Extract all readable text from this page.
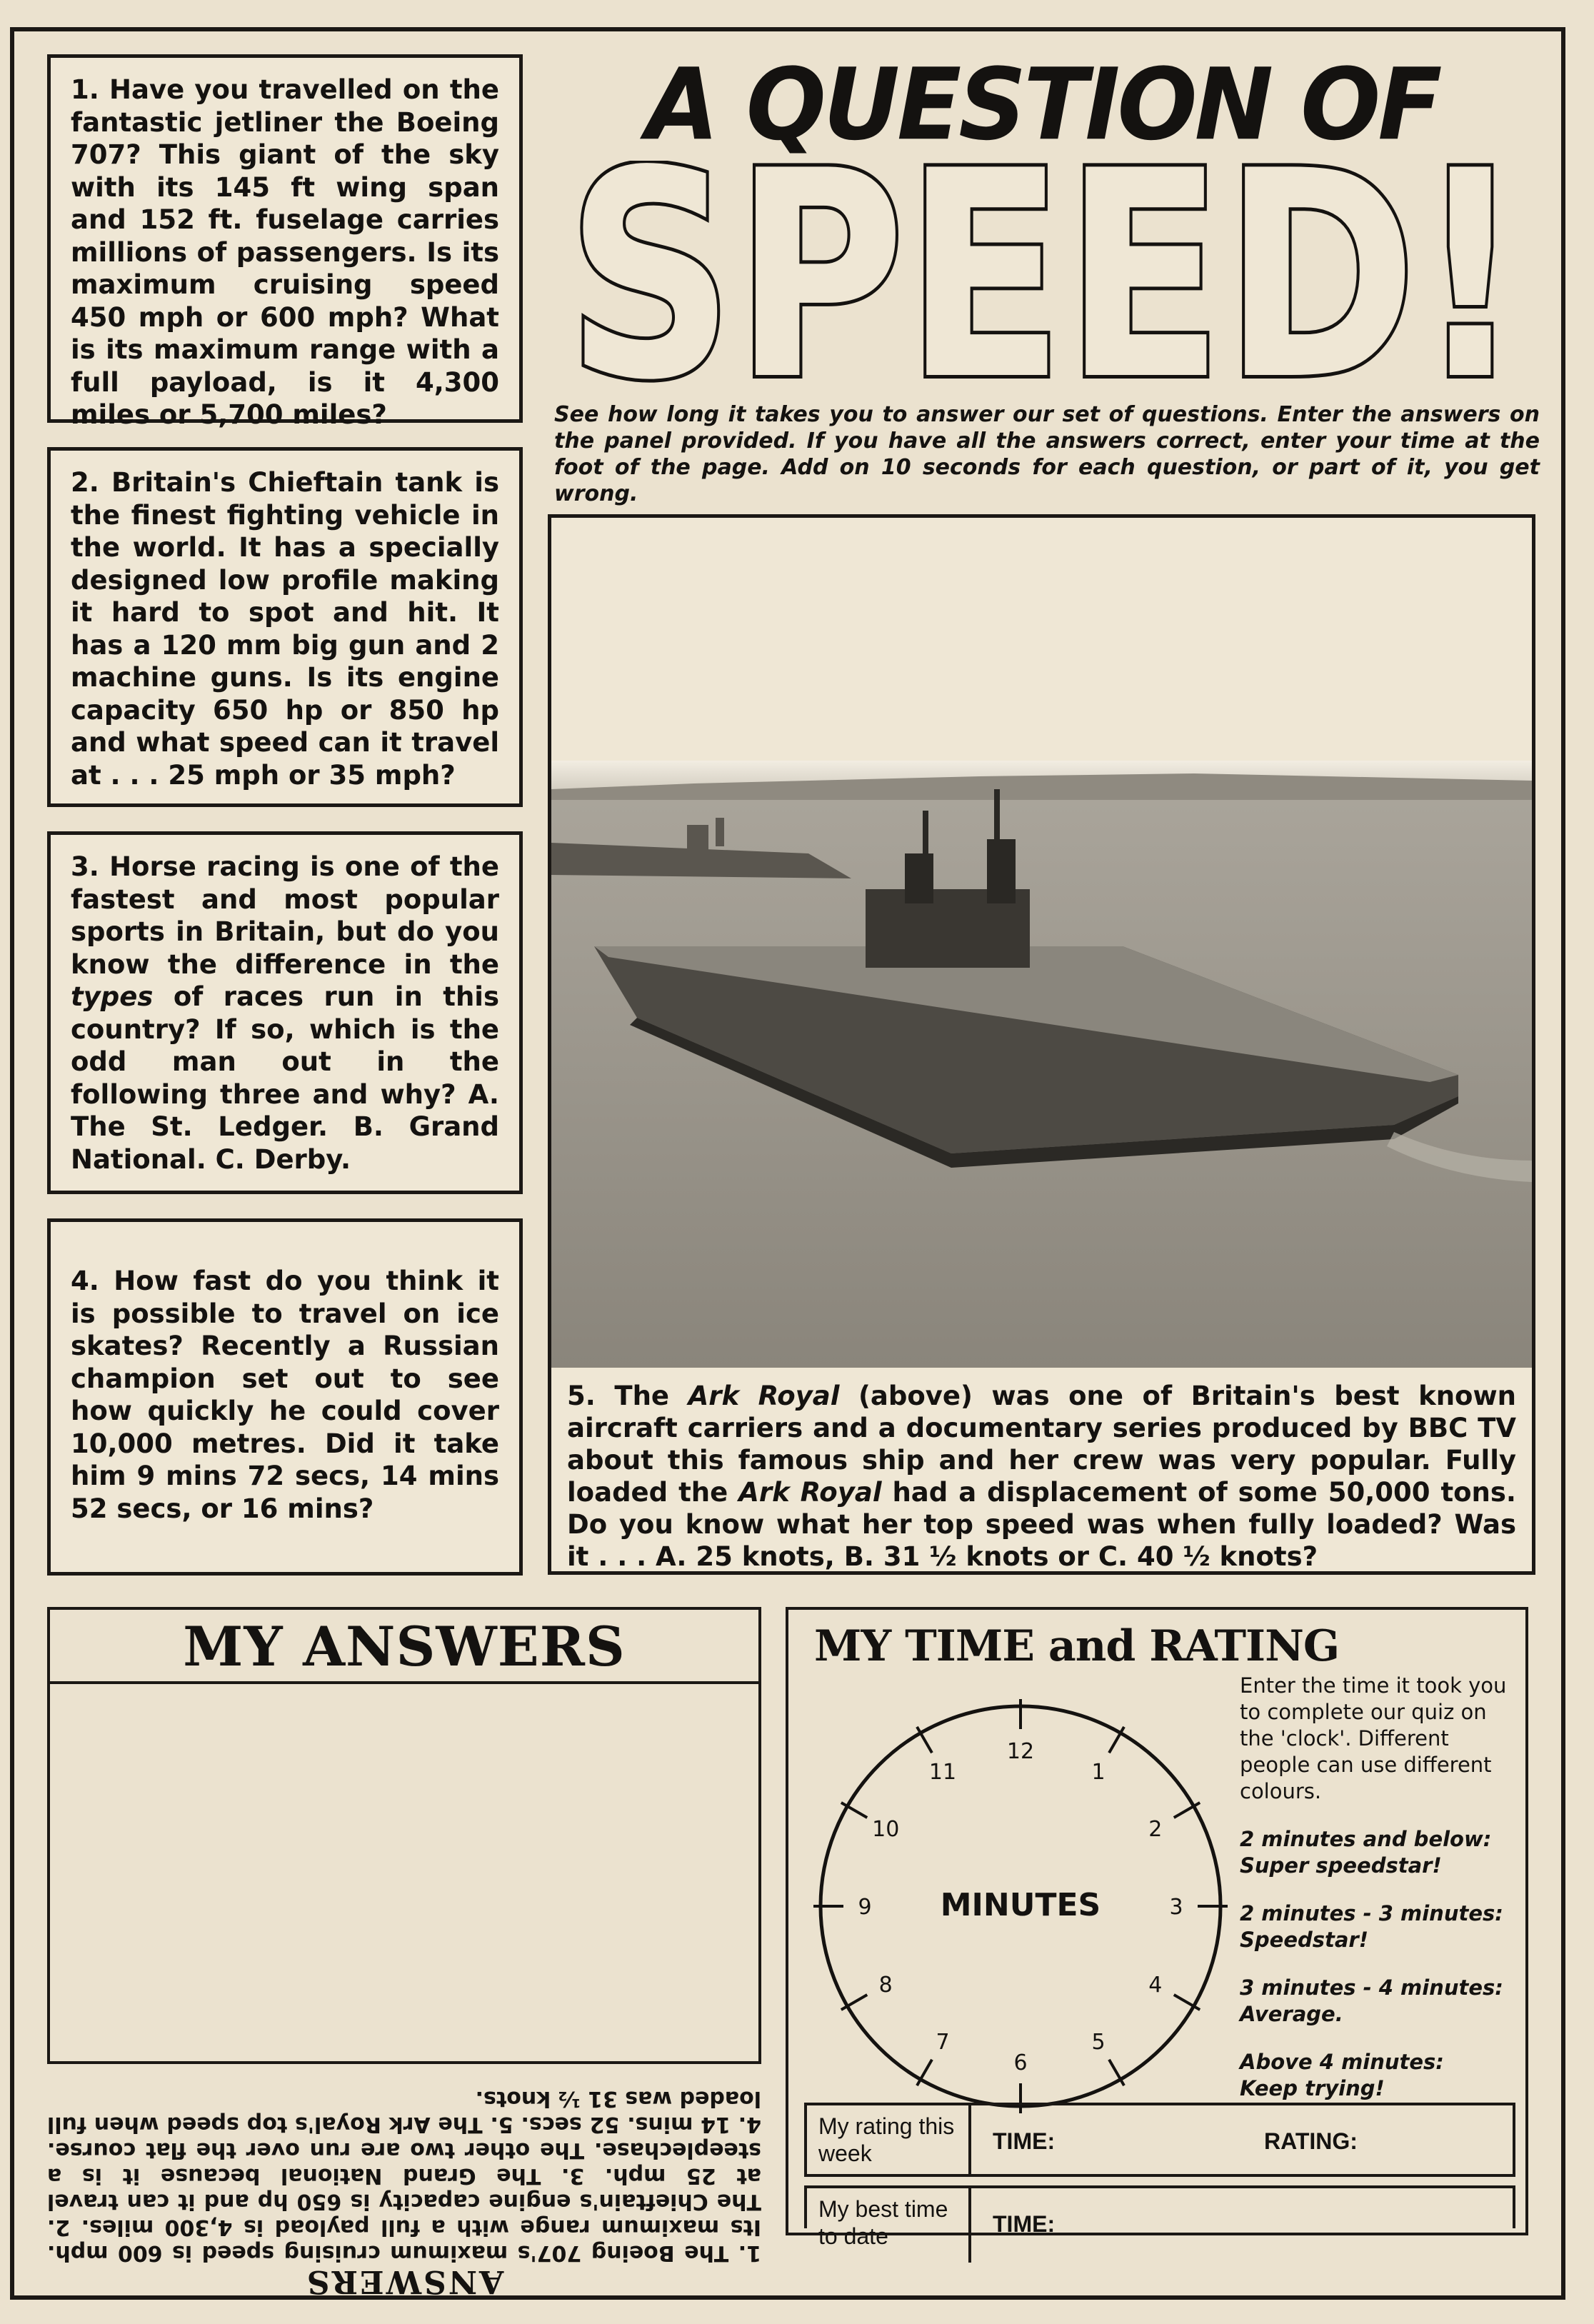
1. Have you travelled on the fantastic jetliner the Boeing 707? This giant of the sky with its 145 ft wing span and 152 ft. fuselage carries millions of passengers. Is its maximum cruising speed 450 mph or 600 mph? What is its maximum range with a full payload, is it 4,300 miles or 5,700 miles?

2. Britain's Chieftain tank is the finest fighting vehicle in the world. It has a specially designed low profile making it hard to spot and hit. It has a 120 mm big gun and 2 machine guns. Is its engine capacity 650 hp or 850 hp and what speed can it travel at . . . 25 mph or 35 mph?

3. Horse racing is one of the fastest and most popular sports in Britain, but do you know the difference in the types of races run in this country? If so, which is the odd man out in the following three and why? A. The St. Ledger. B. Grand National. C. Derby.

4. How fast do you think it is possible to travel on ice skates? Recently a Russian champion set out to see how quickly he could cover 10,000 metres. Did it take him 9 mins 72 secs, 14 mins 52 secs, or 16 mins?

A QUESTION OF
SPEED!
See how long it takes you to answer our set of questions. Enter the answers on the panel provided. If you have all the answers correct, enter your time at the foot of the page. Add on 10 seconds for each question, or part of it, you get wrong.
5. The Ark Royal (above) was one of Britain's best known aircraft carriers and a documentary series produced by BBC TV about this famous ship and her crew was very popular. Fully loaded the Ark Royal had a displacement of some 50,000 tons. Do you know what her top speed was when fully loaded? Was it . . . A. 25 knots, B. 31 ½ knots or C. 40 ½ knots?
MY ANSWERS
ANSWERS
1. The Boeing 707's maximum cruising speed is 600 mph. Its maximum range with a full payload is 4,300 miles. 2. The Chieftain's engine capacity is 650 hp and it can travel at 25 mph. 3. The Grand National because it is a steeplechase. The other two are run over the flat course. 4. 14 mins. 52 secs. 5. The Ark Royal's top speed when full loaded was 31 ½ knots.
MY TIME and RATING
Enter the time it took you to complete our quiz on the 'clock'. Different people can use different colours.
2 minutes and below:
Super speedstar!
2 minutes - 3 minutes:
Speedstar!
3 minutes - 4 minutes:
Average.
Above 4 minutes:
Keep trying!
12
1
2
3
4
5
6
7
8
9
10
11
MINUTES
My rating this week	TIME:	RATING:
My best time to date	TIME:
